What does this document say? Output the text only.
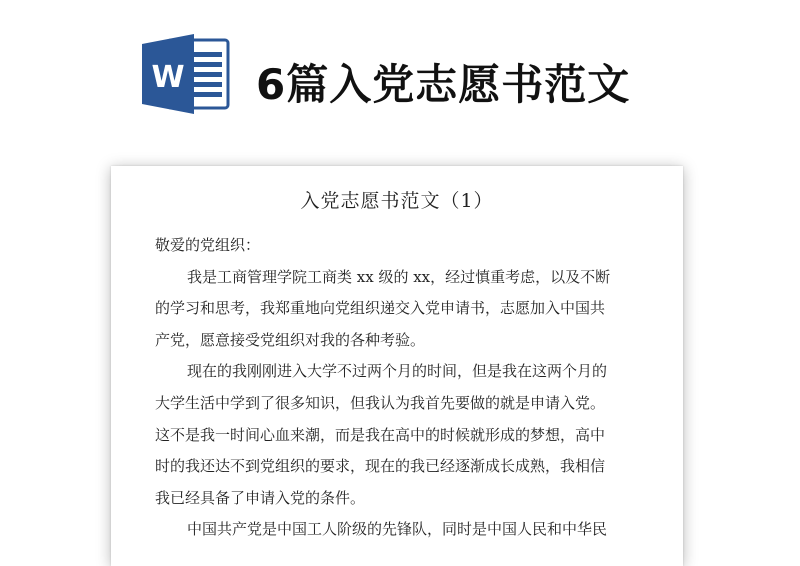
W 6篇入党志愿书范文
入党志愿书范文（1）
敬爱的党组织：
我是工商管理学院工商类 xx 级的 xx，经过慎重考虑，以及不断
的学习和思考，我郑重地向党组织递交入党申请书，志愿加入中国共
产党，愿意接受党组织对我的各种考验。
现在的我刚刚进入大学不过两个月的时间，但是我在这两个月的
大学生活中学到了很多知识，但我认为我首先要做的就是申请入党。
这不是我一时间心血来潮，而是我在高中的时候就形成的梦想，高中
时的我还达不到党组织的要求，现在的我已经逐渐成长成熟，我相信
我已经具备了申请入党的条件。
中国共产党是中国工人阶级的先锋队，同时是中国人民和中华民
